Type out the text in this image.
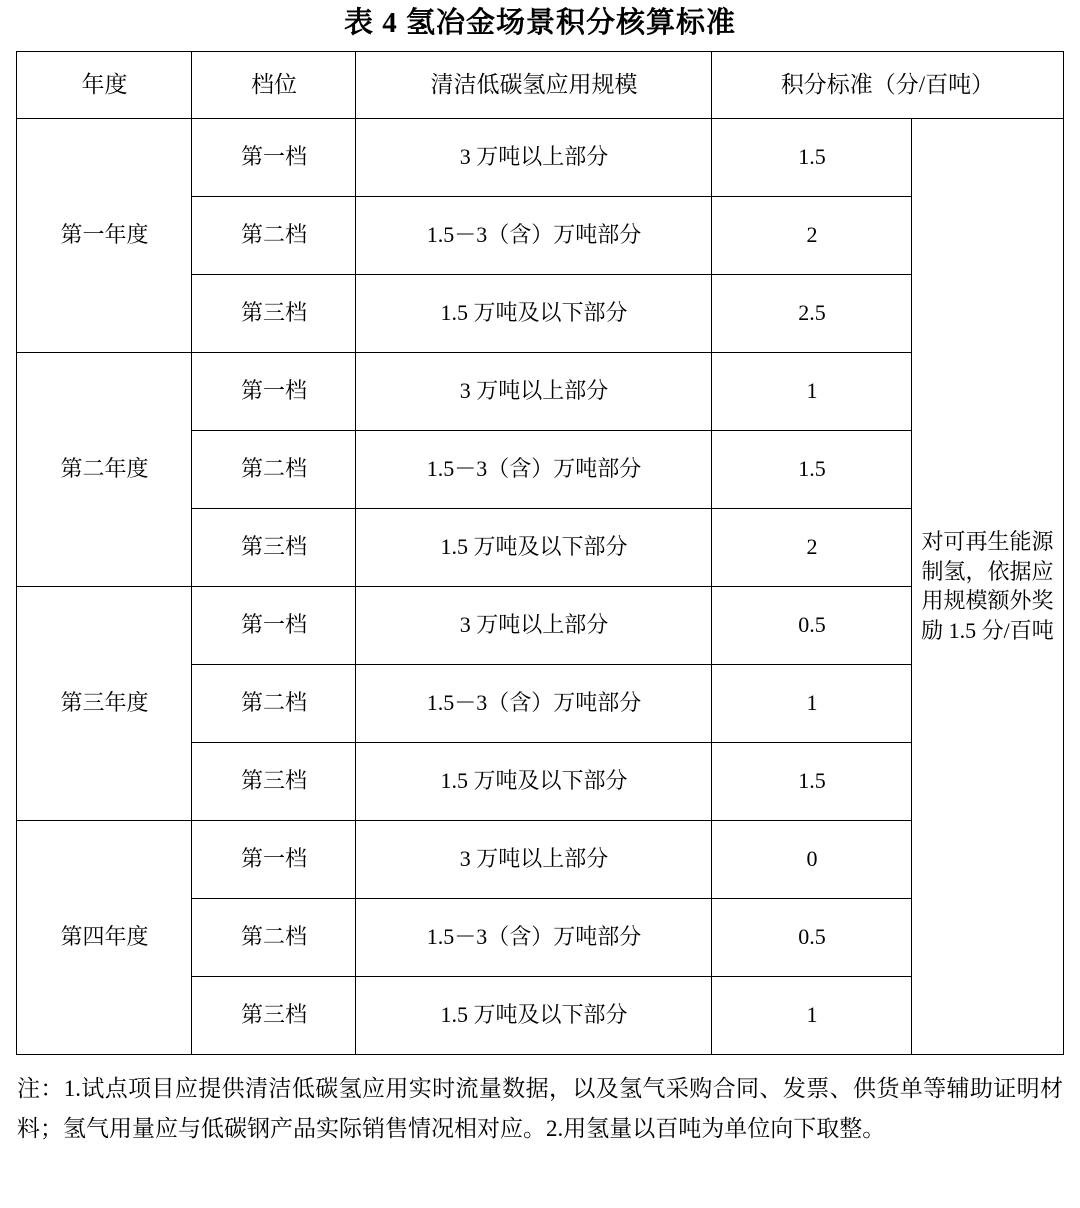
表 4 氢冶金场景积分核算标准
年度	档位	清洁低碳氢应用规模	积分标准（分/百吨）	
第一年度	第一档	3 万吨以上部分	1.5	对可再生能源制氢，依据应用规模额外奖励 1.5 分/百吨
	第二档	1.5－3（含）万吨部分	2	
	第三档	1.5 万吨及以下部分	2.5	
第二年度	第一档	3 万吨以上部分	1	
	第二档	1.5－3（含）万吨部分	1.5	
	第三档	1.5 万吨及以下部分	2	
第三年度	第一档	3 万吨以上部分	0.5	
	第二档	1.5－3（含）万吨部分	1	
	第三档	1.5 万吨及以下部分	1.5	
第四年度	第一档	3 万吨以上部分	0	
	第二档	1.5－3（含）万吨部分	0.5	
	第三档	1.5 万吨及以下部分	1	
注：1.试点项目应提供清洁低碳氢应用实时流量数据，以及氢气采购合同、发票、供货单等辅助证明材料；氢气用量应与低碳钢产品实际销售情况相对应。2.用氢量以百吨为单位向下取整。
